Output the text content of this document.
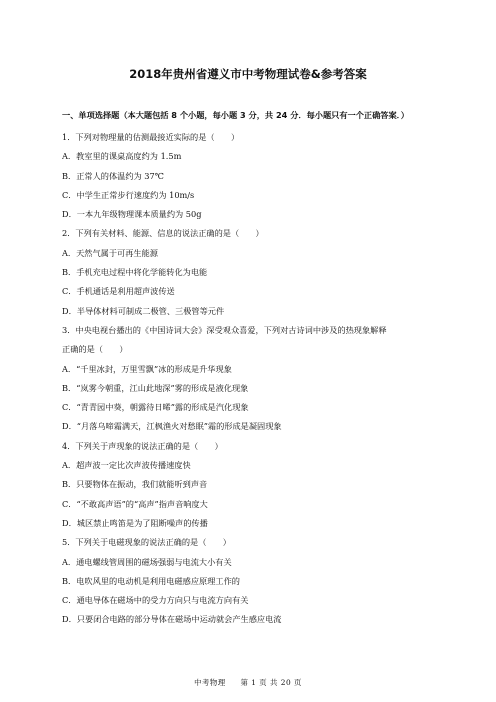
2018年贵州省遵义市中考物理试卷&参考答案
一、单项选择题（本大题包括 8 个小题，每小题 3 分，共 24 分．每小题只有一个正确答案．）
1．下列对物理量的估测最接近实际的是（　　）
A．教室里的课桌高度约为 1.5m
B．正常人的体温约为 37℃
C．中学生正常步行速度约为 10m/s
D．一本九年级物理课本质量约为 50g
2．下列有关材料、能源、信息的说法正确的是（　　）
A．天然气属于可再生能源
B．手机充电过程中将化学能转化为电能
C．手机通话是利用超声波传送
D．半导体材料可制成二极管、三极管等元件
3．中央电视台播出的《中国诗词大会》深受观众喜爱，下列对古诗词中涉及的热现象解释
正确的是（　　）
A．“千里冰封，万里雪飘”冰的形成是升华现象
B．“岚雾今朝重，江山此地深”雾的形成是液化现象
C．“青青园中葵，朝露待日晞”露的形成是汽化现象
D．“月落乌啼霜满天，江枫渔火对愁眠”霜的形成是凝固现象
4．下列关于声现象的说法正确的是（　　）
A．超声波一定比次声波传播速度快
B．只要物体在振动，我们就能听到声音
C．“不敢高声语”的“高声”指声音响度大
D．城区禁止鸣笛是为了阻断噪声的传播
5．下列关于电磁现象的说法正确的是（　　）
A．通电螺线管周围的磁场强弱与电流大小有关
B．电吹风里的电动机是利用电磁感应原理工作的
C．通电导体在磁场中的受力方向只与电流方向有关
D．只要闭合电路的部分导体在磁场中运动就会产生感应电流
中考物理 第 1 页 共 20 页
